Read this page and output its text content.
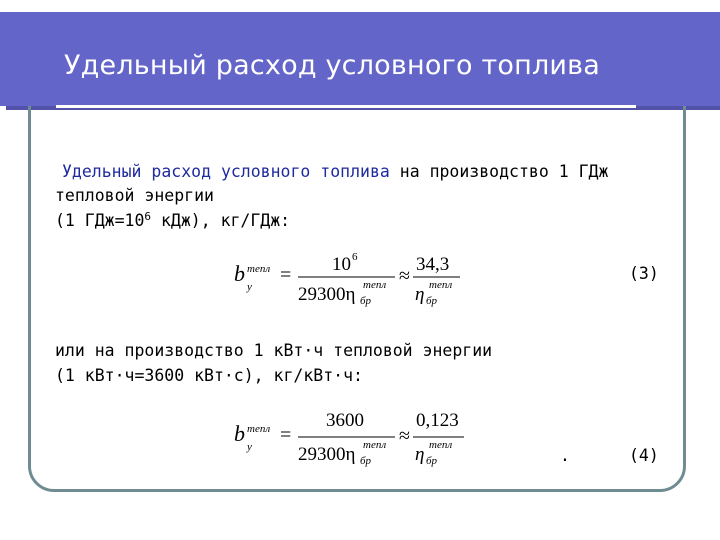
Удельный расход условного топлива
Удельный расход условного топлива на производство 1 ГДж
тепловой энергии
(1 $ГДж=10^6$ кДж), кг/ГДж:
b
у
тепл = 10 6
29300η бр
тепл ≈
34,3
η бр
тепл
(3)
или на производство 1 кВт·ч тепловой энергии
(1 кВт·ч=3600 кВт·с), кг/кВт·ч:
b
у
тепл =
3600
29300η бр
тепл ≈
0,123
η бр
тепл
.	(4)
